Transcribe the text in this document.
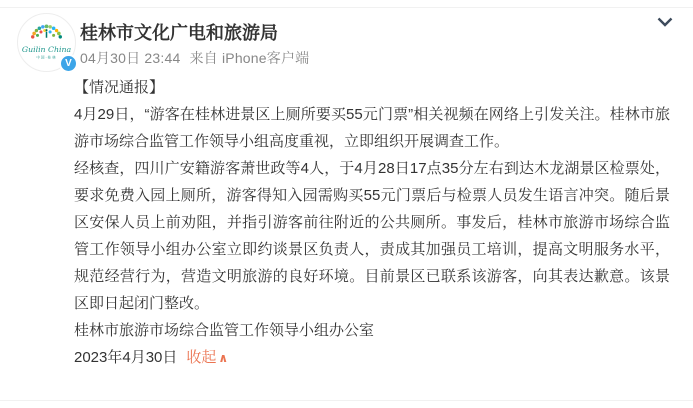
Guilin China
中国·桂林 V
桂林市文化广电和旅游局
04月30日 23:44 来自 iPhone客户端

【情况通报】

4月29日，“游客在桂林进景区上厕所要买55元门票”相关视频在网络上引发关注。桂林市旅游市场综合监管工作领导小组高度重视，立即组织开展调查工作。

经核查，四川广安籍游客萧世政等4人，于4月28日17点35分左右到达木龙湖景区检票处，要求免费入园上厕所，游客得知入园需购买55元门票后与检票人员发生语言冲突。随后景区安保人员上前劝阻，并指引游客前往附近的公共厕所。事发后，桂林市旅游市场综合监管工作领导小组办公室立即约谈景区负责人，责成其加强员工培训，提高文明服务水平，规范经营行为，营造文明旅游的良好环境。目前景区已联系该游客，向其表达歉意。该景区即日起闭门整改。

桂林市旅游市场综合监管工作领导小组办公室

2023年4月30日 收起 ∧
